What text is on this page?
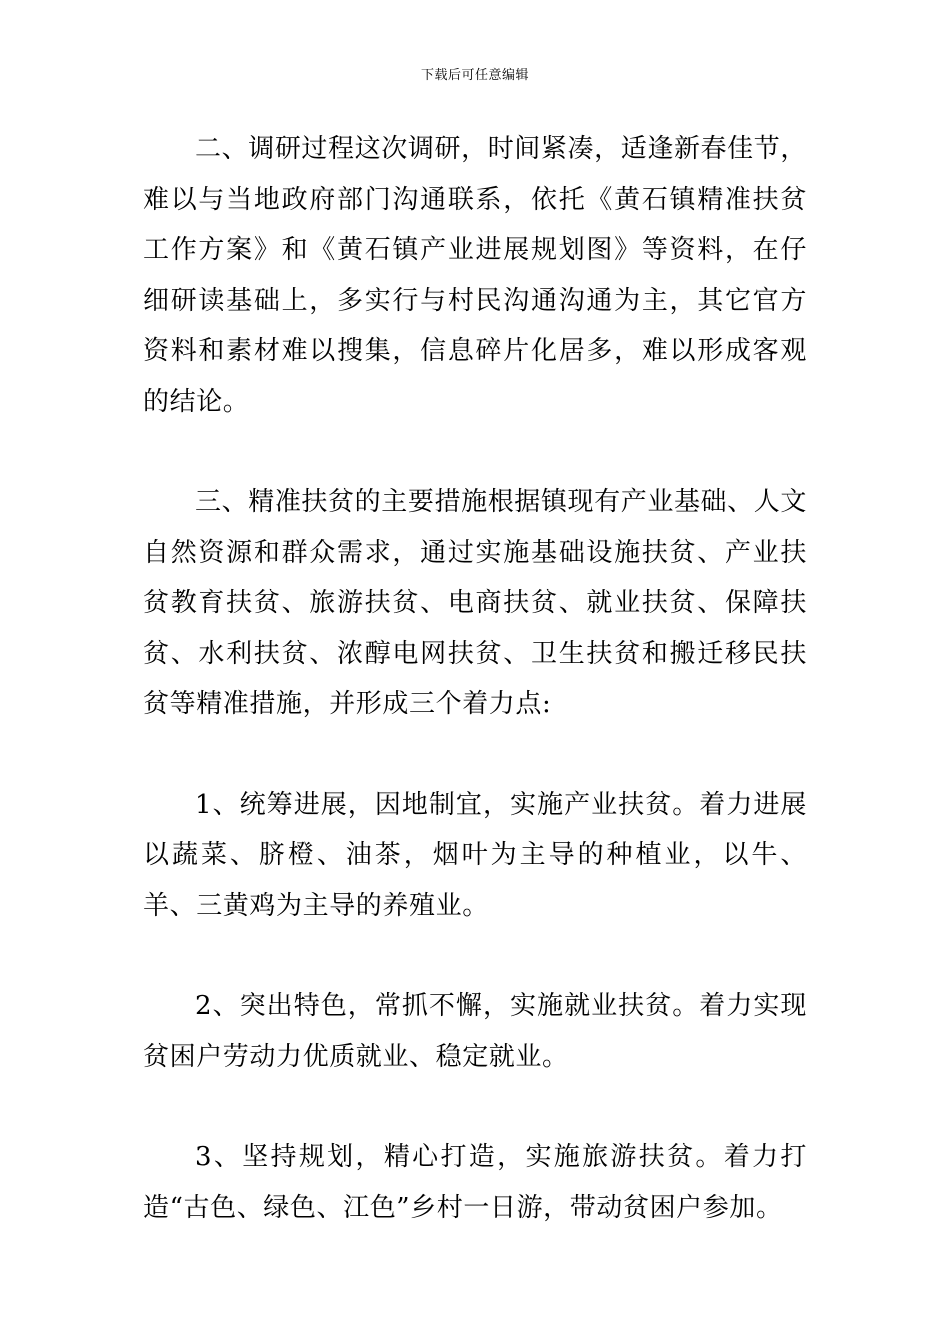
下载后可任意编辑

二、调研过程这次调研，时间紧凑，适逢新春佳节，难以与当地政府部门沟通联系，依托《黄石镇精准扶贫工作方案》和《黄石镇产业进展规划图》等资料，在仔细研读基础上，多实行与村民沟通沟通为主，其它官方资料和素材难以搜集，信息碎片化居多，难以形成客观的结论。

三、精准扶贫的主要措施根据镇现有产业基础、人文自然资源和群众需求，通过实施基础设施扶贫、产业扶贫教育扶贫、旅游扶贫、电商扶贫、就业扶贫、保障扶贫、水利扶贫、浓醇电网扶贫、卫生扶贫和搬迁移民扶贫等精准措施，并形成三个着力点:

1、统筹进展，因地制宜，实施产业扶贫。着力进展以蔬菜、脐橙、油茶，烟叶为主导的种植业，以牛、羊、三黄鸡为主导的养殖业。

2、突出特色，常抓不懈，实施就业扶贫。着力实现贫困户劳动力优质就业、稳定就业。

3、坚持规划，精心打造，实施旅游扶贫。着力打造“古色、绿色、江色”乡村一日游，带动贫困户参加。
